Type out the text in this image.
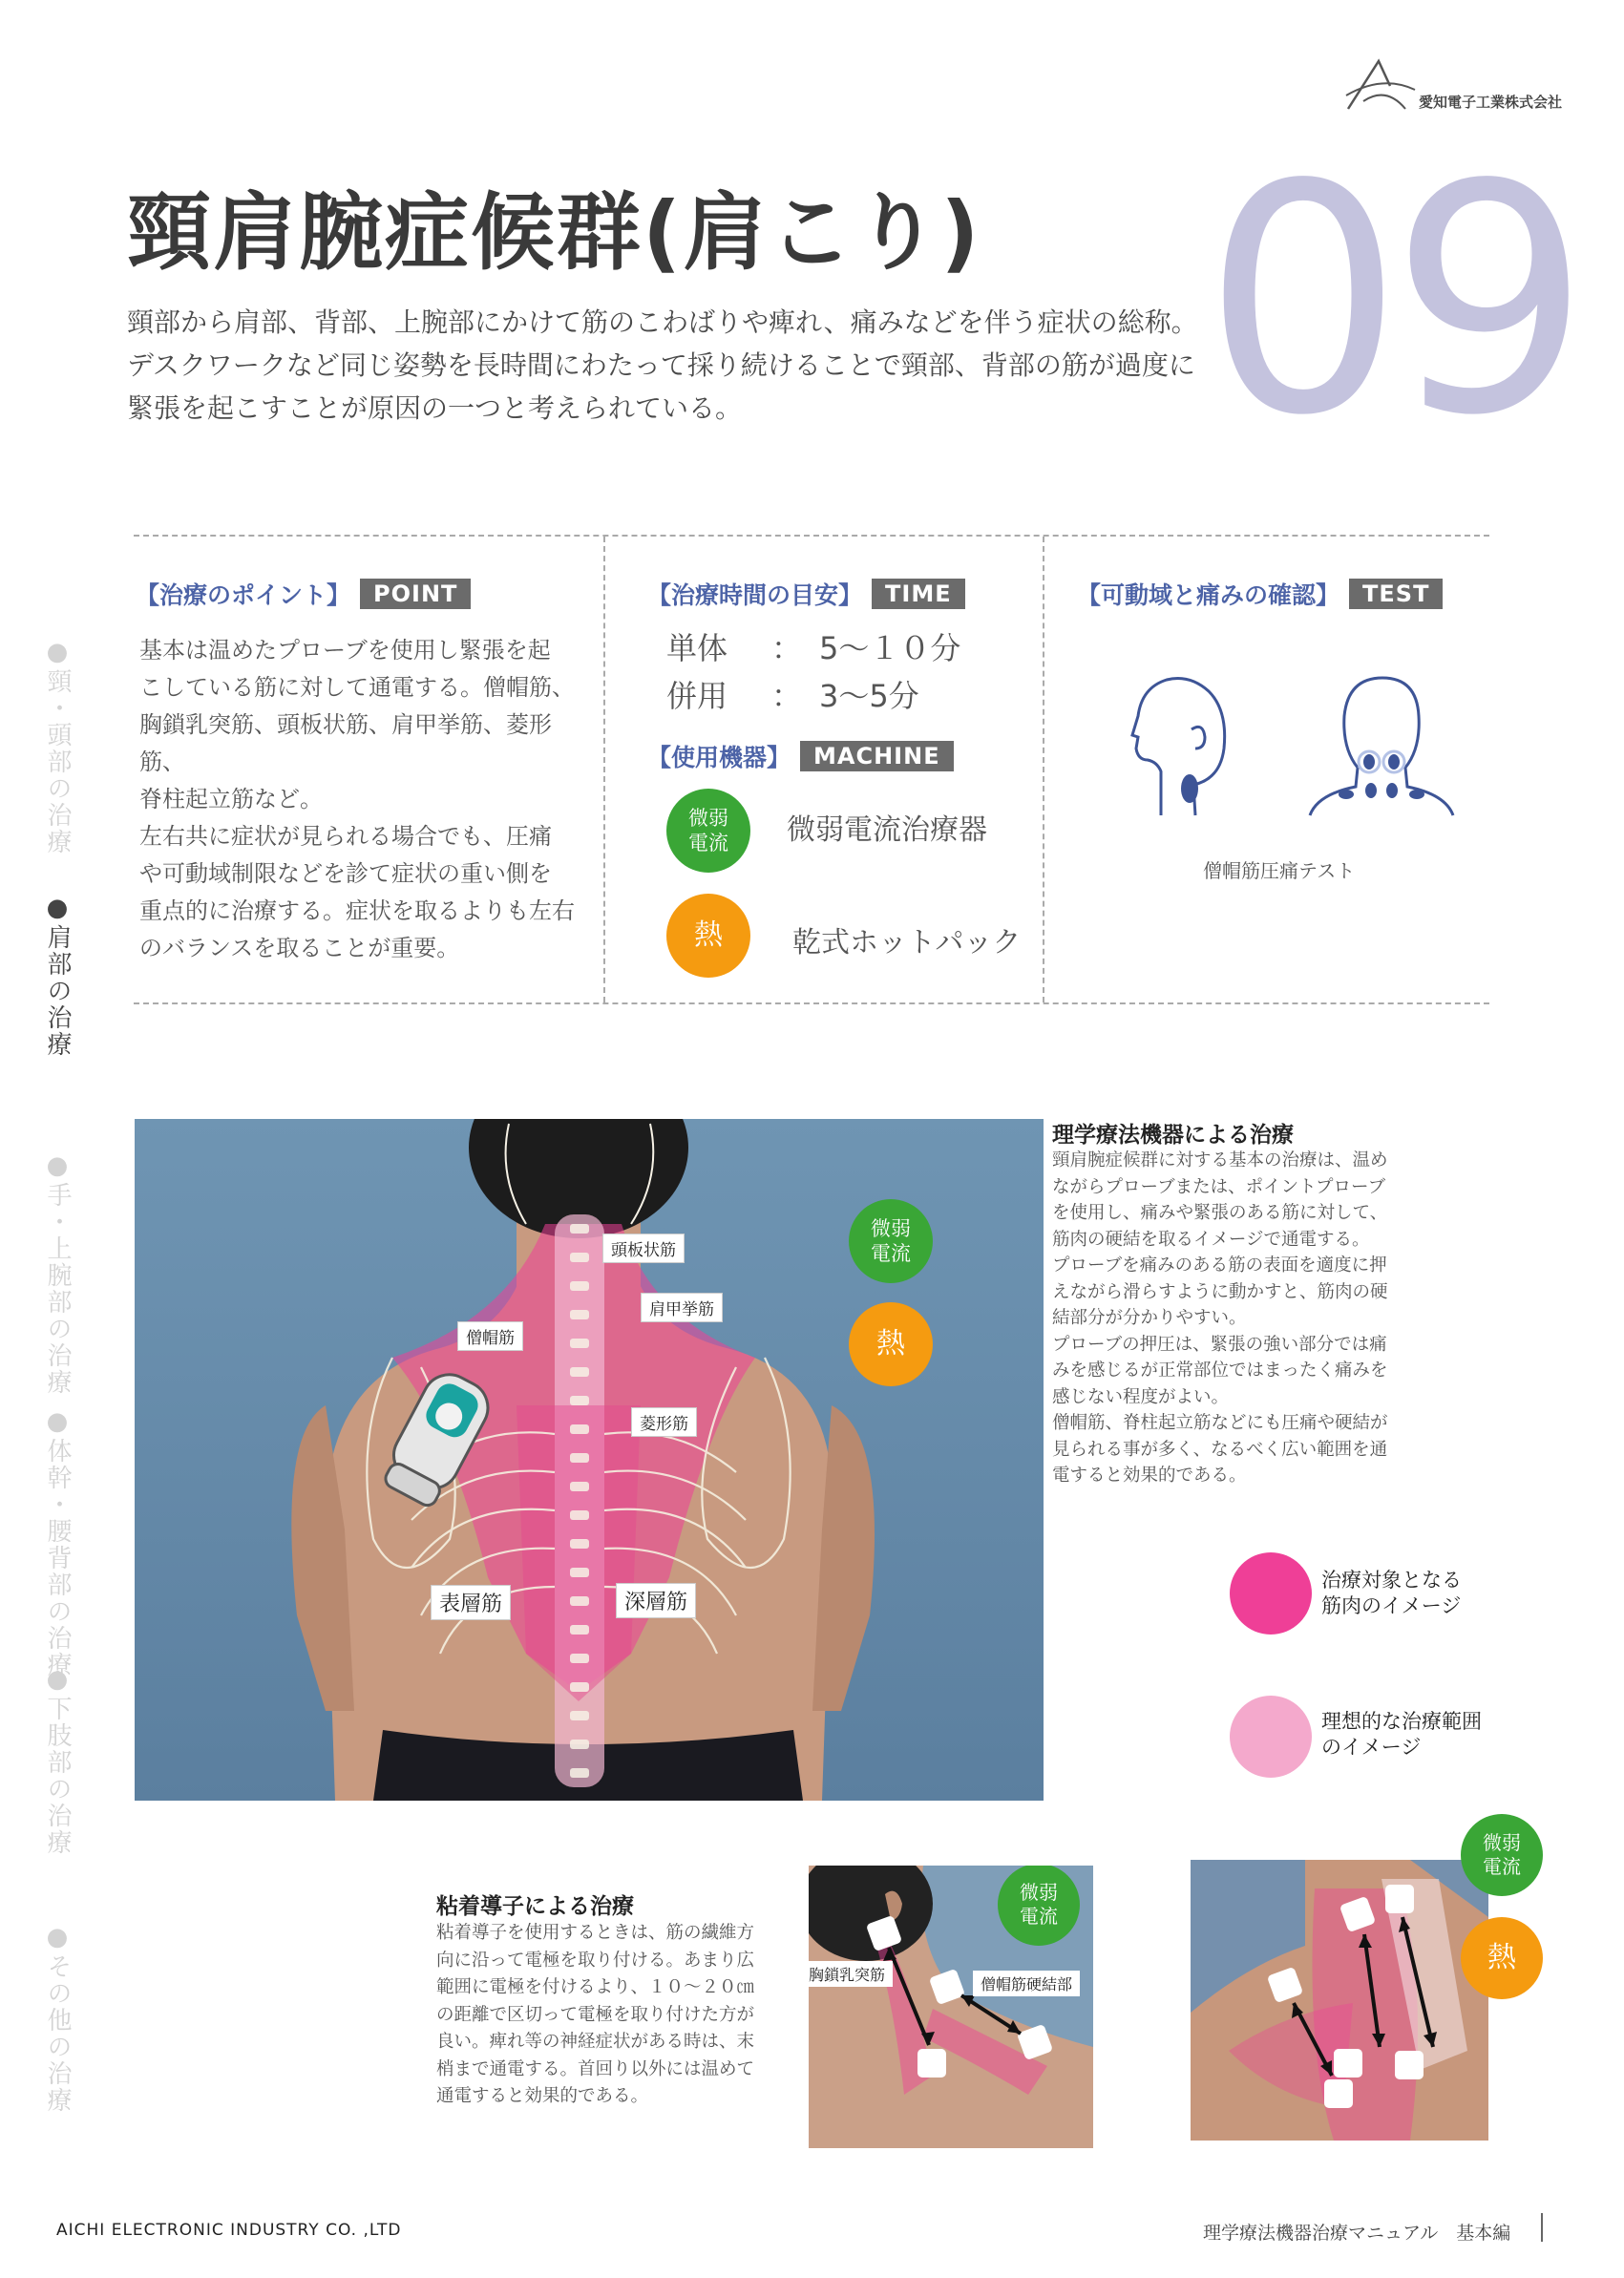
愛知電子工業株式会社
頸肩腕症候群(肩こり) 09
頸部から肩部、背部、上腕部にかけて筋のこわばりや痺れ、痛みなどを伴う症状の総称。
デスクワークなど同じ姿勢を長時間にわたって採り続けることで頸部、背部の筋が過度に
緊張を起こすことが原因の一つと考えられている。
【治療のポイント】	POINT
基本は温めたプローブを使用し緊張を起
こしている筋に対して通電する。僧帽筋、
胸鎖乳突筋、頭板状筋、肩甲挙筋、菱形筋、
脊柱起立筋など。
左右共に症状が見られる場合でも、圧痛
や可動域制限などを診て症状の重い側を
重点的に治療する。症状を取るよりも左右
のバランスを取ることが重要。
【治療時間の目安】	TIME
単体 ： 5～１０分
併用 ： 3～5分
【使用機器】	MACHINE
微弱
電流	微弱電流治療器
熱	乾式ホットパック
【可動域と痛みの確認】	TEST
僧帽筋圧痛テスト
●頸・頭部の治療
●肩部の治療
●手・上腕部の治療
●体幹・腰背部の治療
●下肢部の治療
●その他の治療
頭板状筋
肩甲挙筋
僧帽筋
菱形筋
表層筋	深層筋
微弱
電流
熱
理学療法機器による治療
頸肩腕症候群に対する基本の治療は、温め
ながらプローブまたは、ポイントプローブ
を使用し、痛みや緊張のある筋に対して、
筋肉の硬結を取るイメージで通電する。
プローブを痛みのある筋の表面を適度に押
えながら滑らすように動かすと、筋肉の硬
結部分が分かりやすい。
プローブの押圧は、緊張の強い部分では痛
みを感じるが正常部位ではまったく痛みを
感じない程度がよい。
僧帽筋、脊柱起立筋などにも圧痛や硬結が
見られる事が多く、なるべく広い範囲を通
電すると効果的である。
治療対象となる
筋肉のイメージ
理想的な治療範囲
のイメージ
粘着導子による治療
粘着導子を使用するときは、筋の繊維方
向に沿って電極を取り付ける。あまり広
範囲に電極を付けるより、１０～２０㎝
の距離で区切って電極を取り付けた方が
良い。痺れ等の神経症状がある時は、末
梢まで通電する。首回り以外には温めて
通電すると効果的である。
胸鎖乳突筋
僧帽筋硬結部
微弱
電流
微弱
電流
熱
AICHI ELECTRONIC INDUSTRY CO. ,LTD	理学療法機器治療マニュアル　基本編
